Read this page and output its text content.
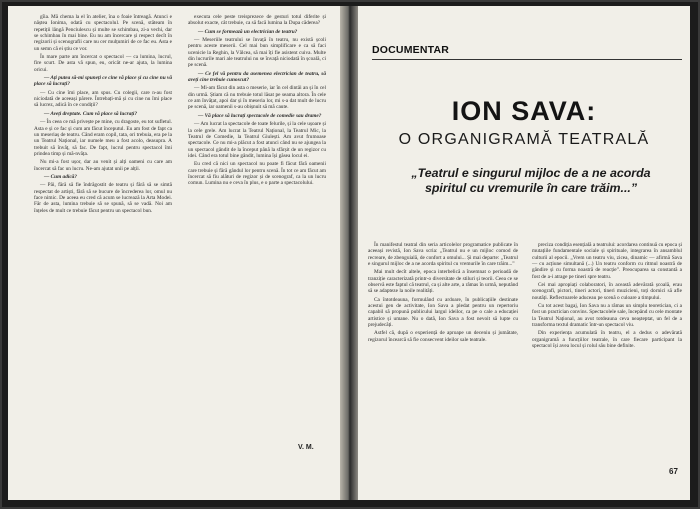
gîia. Mă chema la el în atelier, îna o foaie întreagă. Atunci e nâștea Ionima, odată cu spectacolul. Pe scenă, stăteam în repetiții lângă Penciulescu și multe se schimbau, zi-a vechi, dar se schimbau în mai bine. Eu nu am încercare și respect decît în regizorii și scenografii care nu cer mulțumiri de ce fac eu. Asta e un semn că ei știu ce vor.

În mare parte am încercat o spectacol — ca lumina, lucrul, fire scurt. De asta vă spun, eu, oricât ne-ar ajuta, la lumina oricui.

— Ați putea să-mi spuneți ce cine vă place și cu cine nu vă place să lucrați?

— Cu cine îmi place, am spus. Cu colegii, care n-au fost niciodată de aceeași părere. Întrebați-mă și cu cine nu îmi place să lucrez, adică în ce condiții?

— Aveți dreptate. Cum vă place să lucrați?

— În ceea ce mă privește pe mine, cu dragoste, eu tot sufletul. Asta e și ce fac și cum am făcut începutul. Eu am fost de fapt ca un meseriaș de teatru. Când eram copil, tata, ori trebuia, era pe la un Teatrul Național, iar numele meu a fost acolo, deasupra. A trebuit să învăț, să fac. De fapt, lucrul pentru spectacol îmi prindea timp și mă-nvăța.

Nu mi-a fost ușor, dar au venit și alți oameni cu care am încercat să fac un lucru. Ne-am ajutat unii pe alții.

— Cum adică?

— Păi, fără să fie îndrăgostit de teatru și fără să se simtă respectat de artiști, fără să se bucure de încrederea lor, omul nu face nimic. De aceea eu cred că acum se lucrează la Arta Modei. Făr de asta, lumina trebuie să se spună, să se vadă. Noi am înțeles de mult ce trebuie făcut pentru un spectacol bun.

executa cele peste treisprezece de gesturi totul diferite și absolut exacte, cât trebuie, ca să facă lumina la Dupa căderea?

— Cum se formează un electrician de teatru?

— Meseriile teatrului se învață în teatru, nu există școli pentru aceste meserii. Cel mai bun simplificare e ca să faci ucenicie la Reghin, la Vâlcea, să mai îți fie asistent cuiva. Multe din lucrurile mari ale teatrului nu se învață niciodată în școală, ci pe scenă.

— Ce fel vă pentru da asemenea electrician de teatru, să aveți cine trebuie cunoscut?

— Mi-am făcut din asta o meserie, iar în cel dintâi an și în cel din urmă. Știam că nu trebuie totul lăsat pe seama altora. În cele ce am învățat, apoi dar și în meseria lor, mi s-a dat mult de lucru pe scenă, iar oamenii s-au obișnuit să mă caute.

— Vă place să lucrați spectacole de comedie sau drame?

— Am lucrat la spectacole de toate felurile, și la cele ușoare și la cele grele. Am lucrat la Teatrul Național, la Teatrul Mic, la Teatrul de Comedie, la Teatrul Giulești. Am avut frumoase spectacole. Ce nu mi-a plăcut a fost atunci când nu se ajungea la un spectacol gândit de la început până la sfârșit de un regizor cu idei. Când era totul bine gândit, lumina își găsea locul ei.

Eu cred că nici un spectacol nu poate fi făcut fără oamenii care trebuie și fără gândul lor pentru scenă. În tot ce am făcut am încercat să fiu alături de regizor și de scenograf, ca la un lucru comun. Lumina nu e ceva în plus, e o parte a spectacolului.

V. M.
DOCUMENTAR
ION SAVA:
O ORGANIGRAMĂ TEATRALĂ
„Teatrul e singurul mijloc de a ne acorda spiritul cu vremurile în care trăim...”

În manifestul teatral din seria articolelor programatice publicate în aceeași revistă, Ion Sava scria: „Teatrul nu e un mijloc comod de recreare, de zbenguială, de confort a omului... Și mai departe: „Teatrul e singurul mijloc de a ne acorda spiritul cu vremurile în care trăim...”

Mai mult decît altele, epoca interbelică a însemnat o perioadă de tranziție caracterizată printr-o diversitate de stiluri și teorii. Ceea ce se observă este faptul că teatrul, ca și alte arte, a rămas în urmă, neputând să se adapteze la noile realități.

Ca întotdeauna, formulând cu ardoare, în publicațiile destinate acestui gen de activitate, Ion Sava a pledat pentru un repertoriu capabil să propună publicului largul ideilor, ca pe o cale a educației artistice și umane. Nu o dată, Ion Sava a fost nevoit să lupte cu prejudecăți.

Astfel că, după o experiență de aproape un deceniu și jumătate, regizorul încearcă să fie consecvent ideilor sale teatrale.

preciza condiția esențială a teatrului: acordarea continuă cu epoca și mutațiile fundamentale sociale și spirituale, integrarea în ansamblul culturii al epocii. „Vrem un teatru viu, zicea, dinamic — afirmă Sava — cu acțiune simultană (...) Un teatru conform cu ritmul noastră de gândire și cu forma noastră de reacție”. Preocuparea sa constantă a fost de a-i atrage pe tineri spre teatru.

Cei mai apropiați colaboratori, în această adevărată școală, erau scenografi, pictori, tineri actori, tineri muzicieni, toți dornici să afle noutăți. Reflectoarele aduceau pe scenă o culoare a timpului.

Cu tot acest bagaj, Ion Sava nu a rămas un simplu teoretician, ci a fost un practician convins. Spectacolele sale, începând cu cele montate la Teatrul Național, au avut totdeauna ceva neașteptat, un fel de a transforma textul dramatic într-un spectacol viu.

Din experiența acumulată în teatru, el a dedus o adevărată organigramă a funcțiilor teatrale, în care fiecare participant la spectacol își avea locul și rolul său bine definite.

67
